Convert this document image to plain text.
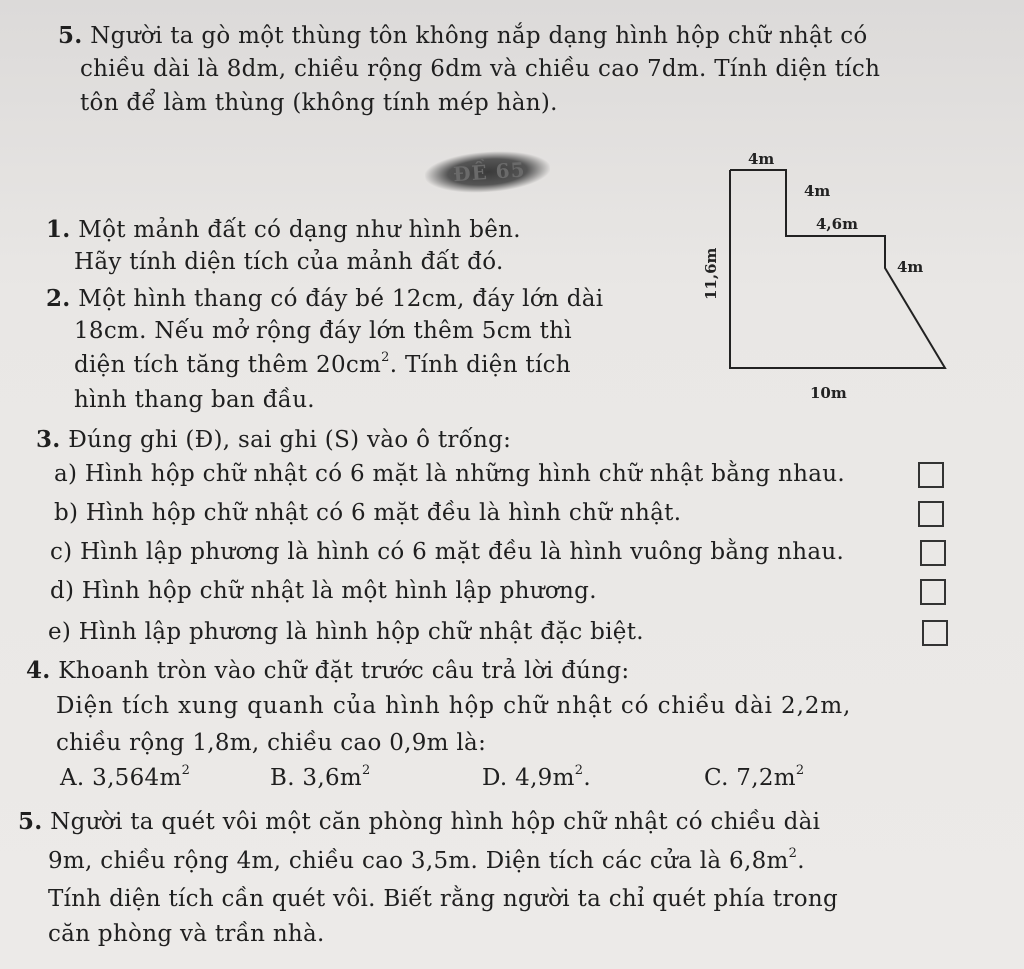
5. Người ta gò một thùng tôn không nắp dạng hình hộp chữ nhật có
chiều dài là 8dm, chiều rộng 6dm và chiều cao 7dm. Tính diện tích
tôn để làm thùng (không tính mép hàn).
ĐỀ 65
1. Một mảnh đất có dạng như hình bên.
Hãy tính diện tích của mảnh đất đó.
2. Một hình thang có đáy bé 12cm, đáy lớn dài
18cm. Nếu mở rộng đáy lớn thêm 5cm thì
diện tích tăng thêm $20cm^2$. Tính diện tích
hình thang ban đầu.
4m
4m
4,6m
4m
11,6m
10m
3. Đúng ghi (Đ), sai ghi (S) vào ô trống:
a) Hình hộp chữ nhật có 6 mặt là những hình chữ nhật bằng nhau.
b) Hình hộp chữ nhật có 6 mặt đều là hình chữ nhật.
c) Hình lập phương là hình có 6 mặt đều là hình vuông bằng nhau.
d) Hình hộp chữ nhật là một hình lập phương.
e) Hình lập phương là hình hộp chữ nhật đặc biệt.
4. Khoanh tròn vào chữ đặt trước câu trả lời đúng:
Diện tích xung quanh của hình hộp chữ nhật có chiều dài 2,2m,
chiều rộng 1,8m, chiều cao 0,9m là:
A. $3,564m^2$	B. $3,6m^2$	D. $4,9m^2$.	C. $7,2m^2$
5. Người ta quét vôi một căn phòng hình hộp chữ nhật có chiều dài
9m, chiều rộng 4m, chiều cao 3,5m. Diện tích các cửa là $6,8m^2$.
Tính diện tích cần quét vôi. Biết rằng người ta chỉ quét phía trong
căn phòng và trần nhà.
